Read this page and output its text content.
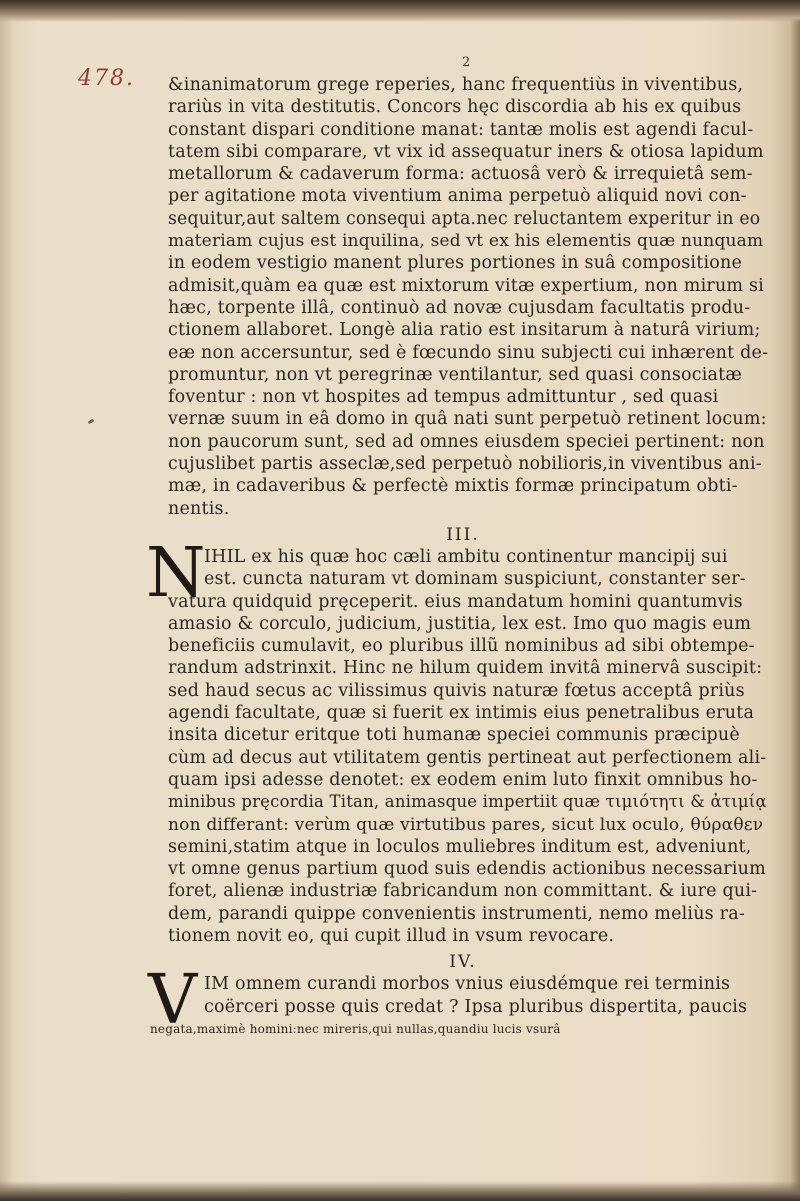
478.
2
&inanimatorum grege reperies, hanc frequentiùs in viventibus,
rariùs in vita destitutis. Concors hęc discordia ab his ex quibus
constant dispari conditione manat: tantæ molis est agendi facul-
tatem sibi comparare, vt vix id assequatur iners & otiosa lapidum
metallorum & cadaverum forma: actuosâ verò & irrequietâ sem-
per agitatione mota viventium anima perpetuò aliquid novi con-
sequitur,aut saltem consequi apta.nec reluctantem experitur in eo
materiam cujus est inquilina, sed vt ex his elementis quæ nunquam
in eodem vestigio manent plures portiones in suâ compositione
admisit,quàm ea quæ est mixtorum vitæ expertium, non mirum si
hæc, torpente illâ, continuò ad novæ cujusdam facultatis produ-
ctionem allaboret. Longè alia ratio est insitarum à naturâ virium;
eæ non accersuntur, sed è fœcundo sinu subjecti cui inhærent de-
promuntur, non vt peregrinæ ventilantur, sed quasi consociatæ
foventur : non vt hospites ad tempus admittuntur , sed quasi
vernæ suum in eâ domo in quâ nati sunt perpetuò retinent locum:
non paucorum sunt, sed ad omnes eiusdem speciei pertinent: non
cujuslibet partis asseclæ,sed perpetuò nobilioris,in viventibus ani-
mæ, in cadaveribus & perfectè mixtis formæ principatum obti-
nentis.
III.
N
IHIL ex his quæ hoc cæli ambitu continentur mancipij sui
est. cuncta naturam vt dominam suspiciunt, constanter ser-
vatura quidquid pręceperit. eius mandatum homini quantumvis
amasio & corculo, judicium, justitia, lex est. Imo quo magis eum
beneficiis cumulavit, eo pluribus illũ nominibus ad sibi obtempe-
randum adstrinxit. Hinc ne hilum quidem invitâ minervâ suscipit:
sed haud secus ac vilissimus quivis naturæ fœtus acceptâ priùs
agendi facultate, quæ si fuerit ex intimis eius penetralibus eruta
insita dicetur eritque toti humanæ speciei communis præcipuè
cùm ad decus aut vtilitatem gentis pertineat aut perfectionem ali-
quam ipsi adesse denotet: ex eodem enim luto finxit omnibus ho-
minibus pręcordia Titan, animasque impertiit quæ τιμιότητι & ἀτιμίᾳ
non differant: verùm quæ virtutibus pares, sicut lux oculo, θύραθεν
semini,statim atque in loculos muliebres inditum est, adveniunt,
vt omne genus partium quod suis edendis actionibus necessarium
foret, alienæ industriæ fabricandum non committant. & iure qui-
dem, parandi quippe convenientis instrumenti, nemo meliùs ra-
tionem novit eo, qui cupit illud in vsum revocare.
IV.
V IM omnem curandi morbos vnius eiusdémque rei terminis
coërceri posse quis credat ? Ipsa pluribus dispertita, paucis
negata,maximè homini:nec mireris,qui nullas,quandiu lucis vsurâ
